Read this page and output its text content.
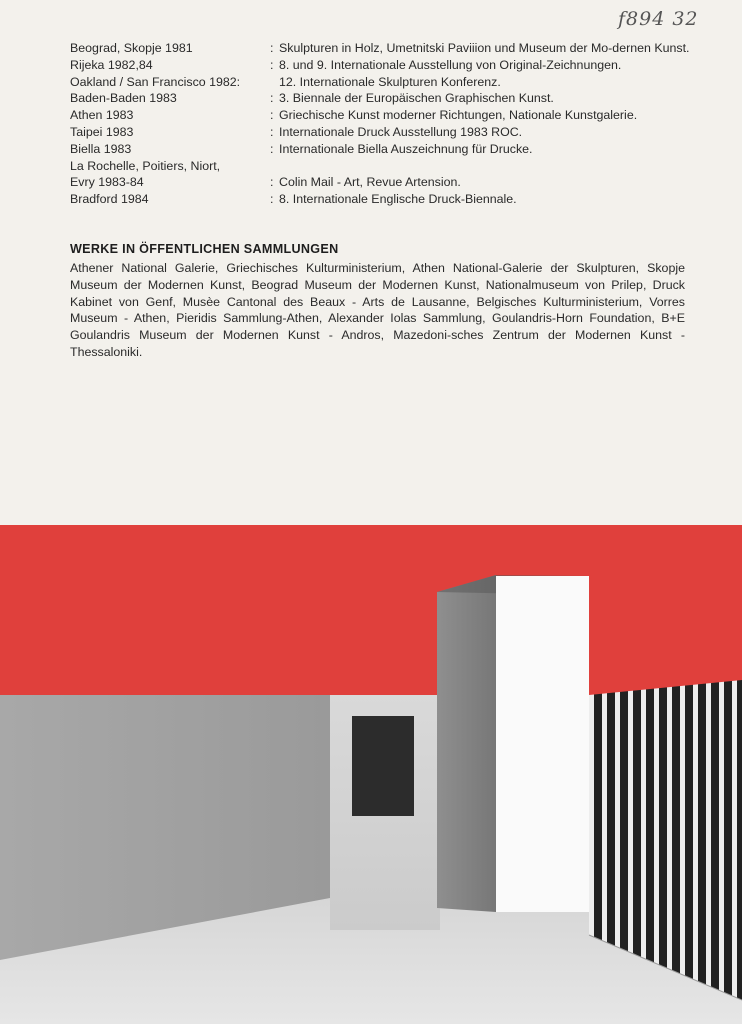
f894 32
Beograd, Skopje 1981	: Skulpturen in Holz, Umetnitski Paviiion und Museum der Mo-dernen Kunst.
Rijeka 1982,84	: 8. und 9. Internationale Ausstellung von Original-Zeichnungen.
Oakland / San Francisco 1982:	12. Internationale Skulpturen Konferenz.
Baden-Baden 1983	: 3. Biennale der Europäischen Graphischen Kunst.
Athen 1983	: Griechische Kunst moderner Richtungen, Nationale Kunstgalerie.
Taipei 1983	: Internationale Druck Ausstellung 1983 ROC.
Biella 1983	: Internationale Biella Auszeichnung für Drucke.
La Rochelle, Poitiers, Niort,
Evry 1983-84	: Colin Mail - Art, Revue Artension.
Bradford 1984	: 8. Internationale Englische Druck-Biennale.
WERKE IN ÖFFENTLICHEN SAMMLUNGEN
Athener National Galerie, Griechisches Kulturministerium, Athen National-Galerie der Skulpturen, Skopje Museum der Modernen Kunst, Beograd Museum der Modernen Kunst, Nationalmuseum von Prilep, Druck Kabinet von Genf, Musèe Cantonal des Beaux - Arts de Lausanne, Belgisches Kulturministerium, Vorres Museum - Athen, Pieridis Sammlung-Athen, Alexander Iolas Sammlung, Goulandris-Horn Foundation, B+E Goulandris Museum der Modernen Kunst - Andros, Mazedoni-sches Zentrum der Modernen Kunst - Thessaloniki.
